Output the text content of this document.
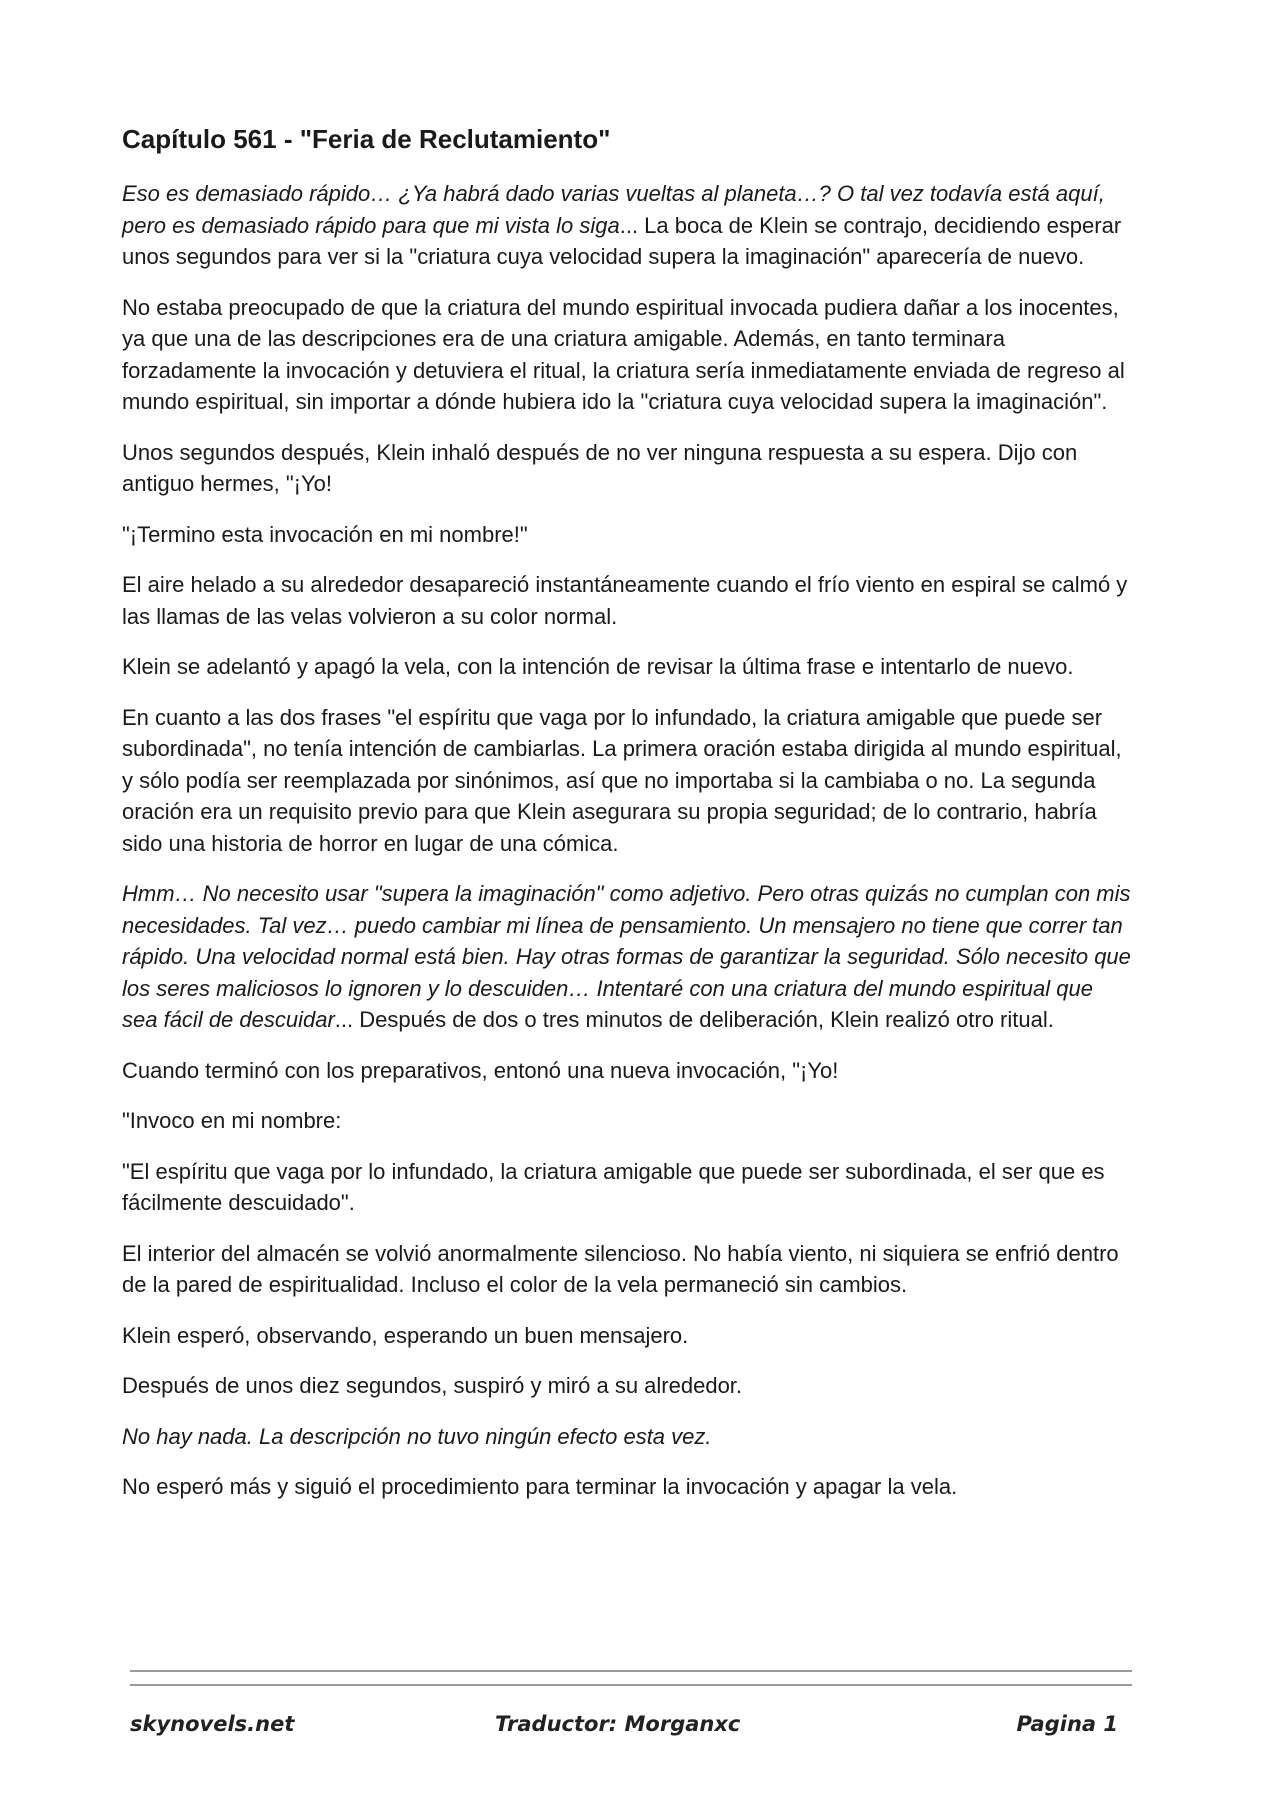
Capítulo 561 - "Feria de Reclutamiento"

Eso es demasiado rápido… ¿Ya habrá dado varias vueltas al planeta…? O tal vez todavía está aquí, pero es demasiado rápido para que mi vista lo siga... La boca de Klein se contrajo, decidiendo esperar unos segundos para ver si la "criatura cuya velocidad supera la imaginación" aparecería de nuevo.

No estaba preocupado de que la criatura del mundo espiritual invocada pudiera dañar a los inocentes, ya que una de las descripciones era de una criatura amigable. Además, en tanto terminara forzadamente la invocación y detuviera el ritual, la criatura sería inmediatamente enviada de regreso al mundo espiritual, sin importar a dónde hubiera ido la "criatura cuya velocidad supera la imaginación".

Unos segundos después, Klein inhaló después de no ver ninguna respuesta a su espera. Dijo con antiguo hermes, "¡Yo!

"¡Termino esta invocación en mi nombre!"

El aire helado a su alrededor desapareció instantáneamente cuando el frío viento en espiral se calmó y las llamas de las velas volvieron a su color normal.

Klein se adelantó y apagó la vela, con la intención de revisar la última frase e intentarlo de nuevo.

En cuanto a las dos frases "el espíritu que vaga por lo infundado, la criatura amigable que puede ser subordinada", no tenía intención de cambiarlas. La primera oración estaba dirigida al mundo espiritual, y sólo podía ser reemplazada por sinónimos, así que no importaba si la cambiaba o no. La segunda oración era un requisito previo para que Klein asegurara su propia seguridad; de lo contrario, habría sido una historia de horror en lugar de una cómica.

Hmm… No necesito usar "supera la imaginación" como adjetivo. Pero otras quizás no cumplan con mis necesidades. Tal vez… puedo cambiar mi línea de pensamiento. Un mensajero no tiene que correr tan rápido. Una velocidad normal está bien. Hay otras formas de garantizar la seguridad. Sólo necesito que los seres maliciosos lo ignoren y lo descuiden… Intentaré con una criatura del mundo espiritual que sea fácil de descuidar... Después de dos o tres minutos de deliberación, Klein realizó otro ritual.

Cuando terminó con los preparativos, entonó una nueva invocación, "¡Yo!

"Invoco en mi nombre:

"El espíritu que vaga por lo infundado, la criatura amigable que puede ser subordinada, el ser que es fácilmente descuidado".

El interior del almacén se volvió anormalmente silencioso. No había viento, ni siquiera se enfrió dentro de la pared de espiritualidad. Incluso el color de la vela permaneció sin cambios.

Klein esperó, observando, esperando un buen mensajero.

Después de unos diez segundos, suspiró y miró a su alrededor.

No hay nada. La descripción no tuvo ningún efecto esta vez.

No esperó más y siguió el procedimiento para terminar la invocación y apagar la vela.

skynovels.net	Traductor: Morganxc	Pagina 1
